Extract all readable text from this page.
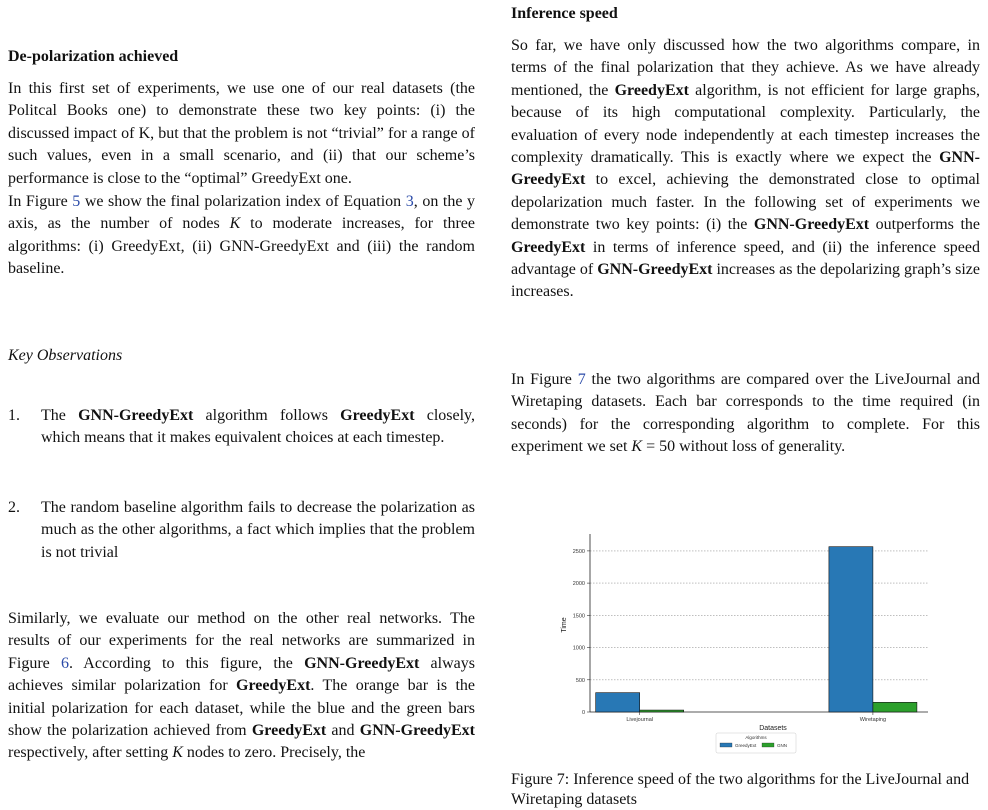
De-polarization achieved

In this first set of experiments, we use one of our real datasets (the Politcal Books one) to demonstrate these two key points: (i) the discussed impact of K, but that the problem is not “trivial” for a range of such values, even in a small scenario, and (ii) that our scheme’s performance is close to the “optimal” GreedyExt one.

In Figure 5 we show the final polarization index of Equation 3, on the y axis, as the number of nodes K to moderate increases, for three algorithms: (i) GreedyExt, (ii) GNN-GreedyExt and (iii) the random baseline.

Key Observations
1.	The GNN-GreedyExt algorithm follows GreedyExt closely, which means that it makes equivalent choices at each timestep.
2.	The random baseline algorithm fails to decrease the polarization as much as the other algorithms, a fact which implies that the problem is not trivial

Similarly, we evaluate our method on the other real networks. The results of our experiments for the real networks are summarized in Figure 6. According to this figure, the GNN-GreedyExt always achieves similar polarization for GreedyExt. The orange bar is the initial polarization for each dataset, while the blue and the green bars show the polarization achieved from GreedyExt and GNN-GreedyExt respectively, after setting K nodes to zero. Precisely, the

Inference speed

So far, we have only discussed how the two algorithms compare, in terms of the final polarization that they achieve. As we have already mentioned, the GreedyExt algorithm, is not efficient for large graphs, because of its high computational complexity. Particularly, the evaluation of every node independently at each timestep increases the complexity dramatically. This is exactly where we expect the GNN-GreedyExt to excel, achieving the demonstrated close to optimal depolarization much faster. In the following set of experiments we demonstrate two key points: (i) the GNN-GreedyExt outperforms the GreedyExt in terms of inference speed, and (ii) the inference speed advantage of GNN-GreedyExt increases as the depolarizing graph’s size increases.

In Figure 7 the two algorithms are compared over the LiveJournal and Wiretaping datasets. Each bar corresponds to the time required (in seconds) for the corresponding algorithm to complete. For this experiment we set K = 50 without loss of generality.

0
500
1000
1500
2000
2500
Livejournal	Wiretaping
Datasets
Time
Algorithms
GreedyExt	GNN
Figure 7: Inference speed of the two algorithms for the LiveJournal and Wiretaping datasets
